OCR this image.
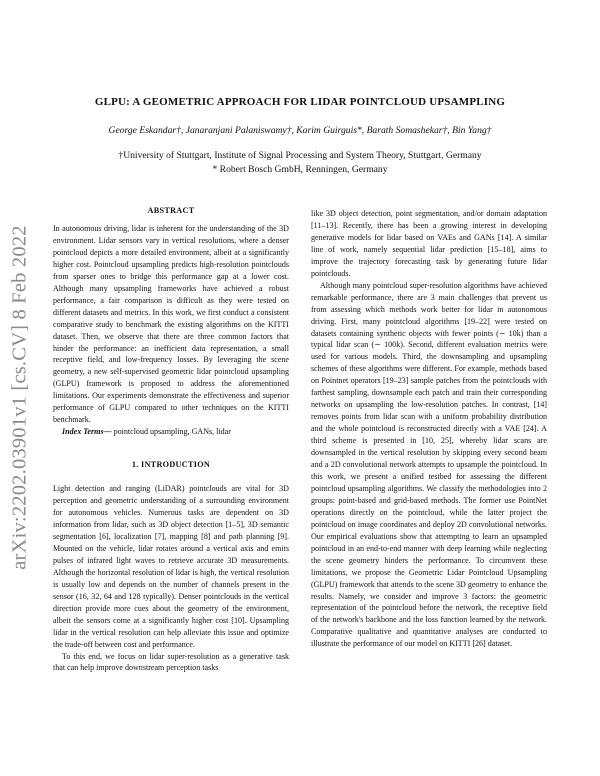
arXiv:2202.03901v1 [cs.CV] 8 Feb 2022
GLPU: A GEOMETRIC APPROACH FOR LIDAR POINTCLOUD UPSAMPLING
George Eskandar†, Janaranjani Palaniswamy†, Karim Guirguis*, Barath Somashekar†, Bin Yang†
†University of Stuttgart, Institute of Signal Processing and System Theory, Stuttgart, Germany
* Robert Bosch GmbH, Renningen, Germany
ABSTRACT

In autonomous driving, lidar is inherent for the understanding of the 3D environment. Lidar sensors vary in vertical resolutions, where a denser pointcloud depicts a more detailed environment, albeit at a significantly higher cost. Pointcloud upsampling predicts high-resolution pointclouds from sparser ones to bridge this performance gap at a lower cost. Although many upsampling frameworks have achieved a robust performance, a fair comparison is difficult as they were tested on different datasets and metrics. In this work, we first conduct a consistent comparative study to benchmark the existing algorithms on the KITTI dataset. Then, we observe that there are three common factors that hinder the performance: an inefficient data representation, a small receptive field, and low-frequency losses. By leveraging the scene geometry, a new self-supervised geometric lidar pointcloud upsampling (GLPU) framework is proposed to address the aforementioned limitations. Our experiments demonstrate the effectiveness and superior performance of GLPU compared to other techniques on the KITTI benchmark.

Index Terms— pointcloud upsampling, GANs, lidar

1. INTRODUCTION

Light detection and ranging (LiDAR) pointclouds are vital for 3D perception and geometric understanding of a surrounding environment for autonomous vehicles. Numerous tasks are dependent on 3D information from lidar, such as 3D object detection [1–5], 3D semantic segmentation [6], localization [7], mapping [8] and path planning [9]. Mounted on the vehicle, lidar rotates around a vertical axis and emits pulses of infrared light waves to retrieve accurate 3D measurements. Although the horizontal resolution of lidar is high, the vertical resolution is usually low and depends on the number of channels present in the sensor (16, 32, 64 and 128 typically). Denser pointclouds in the vertical direction provide more cues about the geometry of the environment, albeit the sensors come at a significantly higher cost [10]. Upsampling lidar in the vertical resolution can help alleviate this issue and optimize the trade-off between cost and performance.

To this end, we focus on lidar super-resolution as a generative task that can help improve downstream perception tasks

like 3D object detection, point segmentation, and/or domain adaptation [11–13]. Recently, there has been a growing interest in developing generative models for lidar based on VAEs and GANs [14]. A similar line of work, namely sequential lidar prediction [15–18], aims to improve the trajectory forecasting task by generating future lidar pointclouds.

Although many pointcloud super-resolution algorithms have achieved remarkable performance, there are 3 main challenges that prevent us from assessing which methods work better for lidar in autonomous driving. First, many pointcloud algorithms [19–22] were tested on datasets containing synthetic objects with fewer points (∼ 10k) than a typical lidar scan (∼ 100k). Second, different evaluation metrics were used for various models. Third, the downsampling and upsampling schemes of these algorithms were different. For example, methods based on Pointnet operators [19–23] sample patches from the pointclouds with farthest sampling, downsample each patch and train their corresponding networks on upsampling the low-resolution patches. In contrast, [14] removes points from lidar scan with a uniform probability distribution and the whole pointcloud is reconstructed directly with a VAE [24]. A third scheme is presented in [10, 25], whereby lidar scans are downsampled in the vertical resolution by skipping every second beam and a 2D convolutional network attempts to upsample the pointcloud. In this work, we present a unified testbed for assessing the different pointcloud upsampling algorithms. We classify the methodologies into 2 groups: point-based and grid-based methods. The former use PointNet operations directly on the pointcloud, while the latter project the pointcloud on image coordinates and deploy 2D convolutional networks. Our empirical evaluations show that attempting to learn an upsampled pointcloud in an end-to-end manner with deep learning while neglecting the scene geometry hinders the performance. To circumvent these limitations, we propose the Geometric Lidar Pointcloud Upsampling (GLPU) framework that attends to the scene 3D geometry to enhance the results. Namely, we consider and improve 3 factors: the geometric representation of the pointcloud before the network, the receptive field of the network's backbone and the loss function learned by the network. Comparative qualitative and quantitative analyses are conducted to illustrate the performance of our model on KITTI [26] dataset.
